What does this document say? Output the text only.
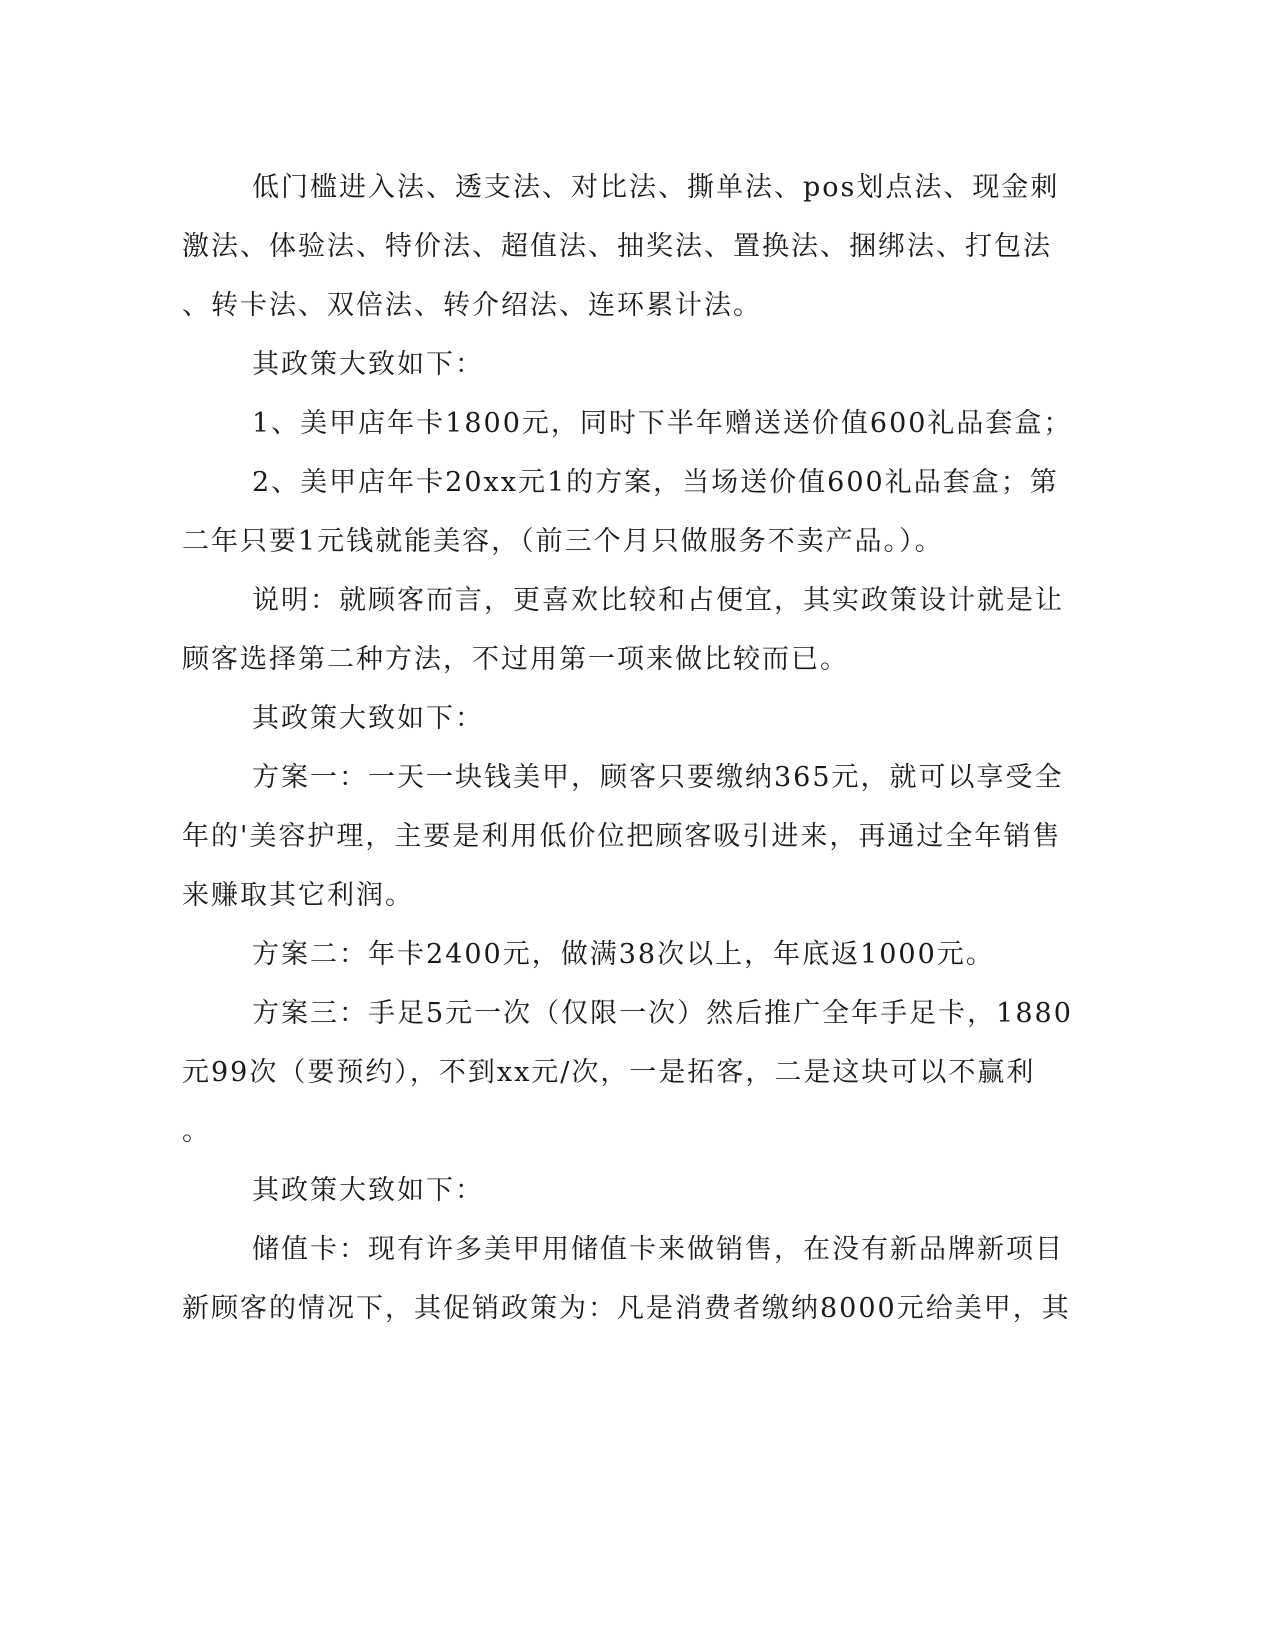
低门槛进入法、透支法、对比法、撕单法、pos划点法、现金刺
激法、体验法、特价法、超值法、抽奖法、置换法、捆绑法、打包法
、转卡法、双倍法、转介绍法、连环累计法。
其政策大致如下：
1、美甲店年卡1800元，同时下半年赠送送价值600礼品套盒；
2、美甲店年卡20xx元1的方案，当场送价值600礼品套盒；第
二年只要1元钱就能美容，（前三个月只做服务不卖产品。）。
说明：就顾客而言，更喜欢比较和占便宜，其实政策设计就是让
顾客选择第二种方法，不过用第一项来做比较而已。
其政策大致如下：
方案一：一天一块钱美甲，顾客只要缴纳365元，就可以享受全
年的'美容护理，主要是利用低价位把顾客吸引进来，再通过全年销售
来赚取其它利润。
方案二：年卡2400元，做满38次以上，年底返1000元。
方案三：手足5元一次（仅限一次）然后推广全年手足卡，1880
元99次（要预约），不到xx元/次，一是拓客，二是这块可以不赢利
。
其政策大致如下：
储值卡：现有许多美甲用储值卡来做销售，在没有新品牌新项目
新顾客的情况下，其促销政策为：凡是消费者缴纳8000元给美甲，其
